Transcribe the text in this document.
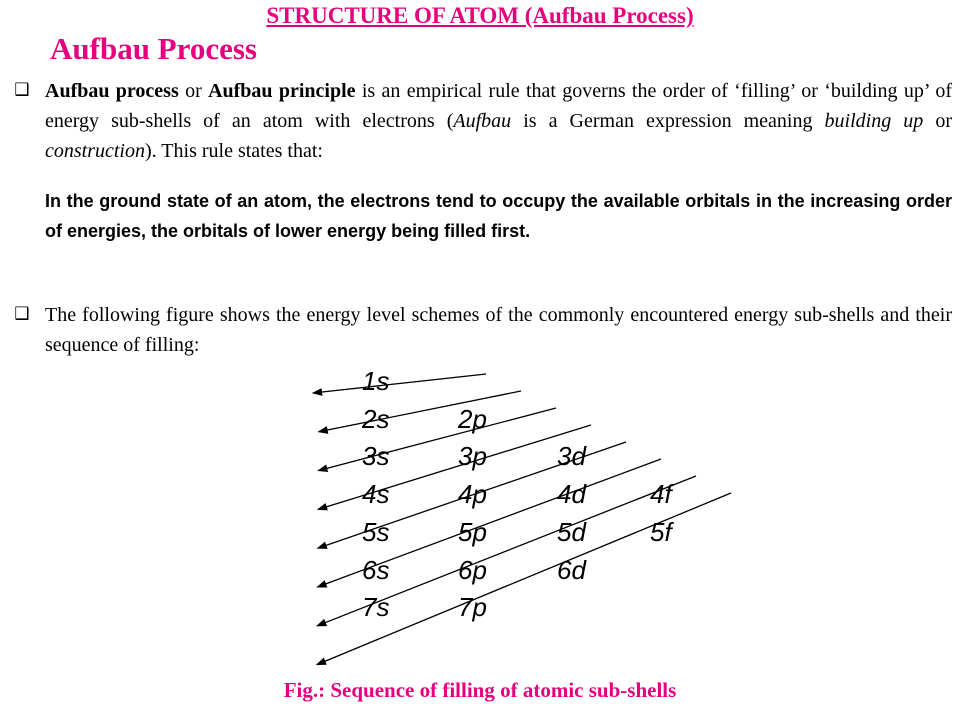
STRUCTURE OF ATOM (Aufbau Process)
Aufbau Process
❑ Aufbau process or Aufbau principle is an empirical rule that governs the order of ‘filling’ or ‘building up’ of energy sub-shells of an atom with electrons (Aufbau is a German expression meaning building up or construction). This rule states that:
In the ground state of an atom, the electrons tend to occupy the available orbitals in the increasing order of energies, the orbitals of lower energy being filled first.
❑ The following figure shows the energy level schemes of the commonly encountered energy sub-shells and their sequence of filling:
1s
2s	2p
3s	3p	3d
4s	4p	4d 4f
5s	5p	5d 5f
6s	6p	6d
7s	7p
Fig.: Sequence of filling of atomic sub-shells
